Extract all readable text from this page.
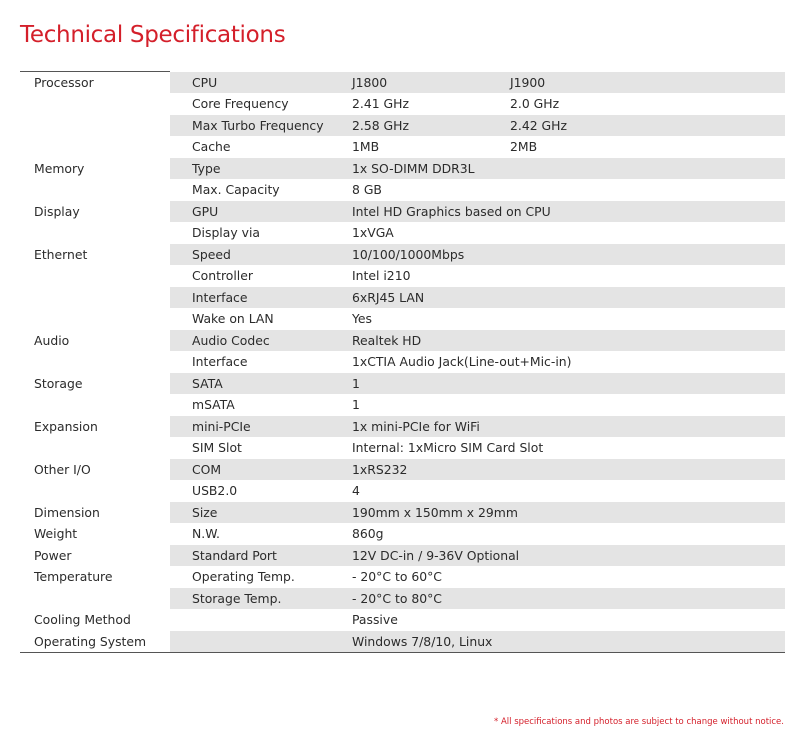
Technical Specifications
Processor	CPU	J1800	J1900
	Core Frequency	2.41 GHz	2.0 GHz
	Max Turbo Frequency	2.58 GHz	2.42 GHz
	Cache	1MB	2MB
Memory	Type	1x SO-DIMM DDR3L	
	Max. Capacity	8 GB	
Display	GPU	Intel HD Graphics based on CPU	
	Display via	1xVGA	
Ethernet	Speed	10/100/1000Mbps	
	Controller	Intel i210	
	Interface	6xRJ45 LAN	
	Wake on LAN	Yes	
Audio	Audio Codec	Realtek HD	
	Interface	1xCTIA Audio Jack(Line-out+Mic-in)	
Storage	SATA	1	
	mSATA	1	
Expansion	mini-PCIe	1x mini-PCIe for WiFi	
	SIM Slot	Internal: 1xMicro SIM Card Slot	
Other I/O	COM	1xRS232	
	USB2.0	4	
Dimension	Size	190mm x 150mm x 29mm	
Weight	N.W.	860g	
Power	Standard Port	12V DC-in / 9-36V Optional	
Temperature	Operating Temp.	- 20°C to 60°C	
	Storage Temp.	- 20°C to 80°C	
Cooling Method		Passive	
Operating System		Windows 7/8/10, Linux	
* All specifications and photos are subject to change without notice.
